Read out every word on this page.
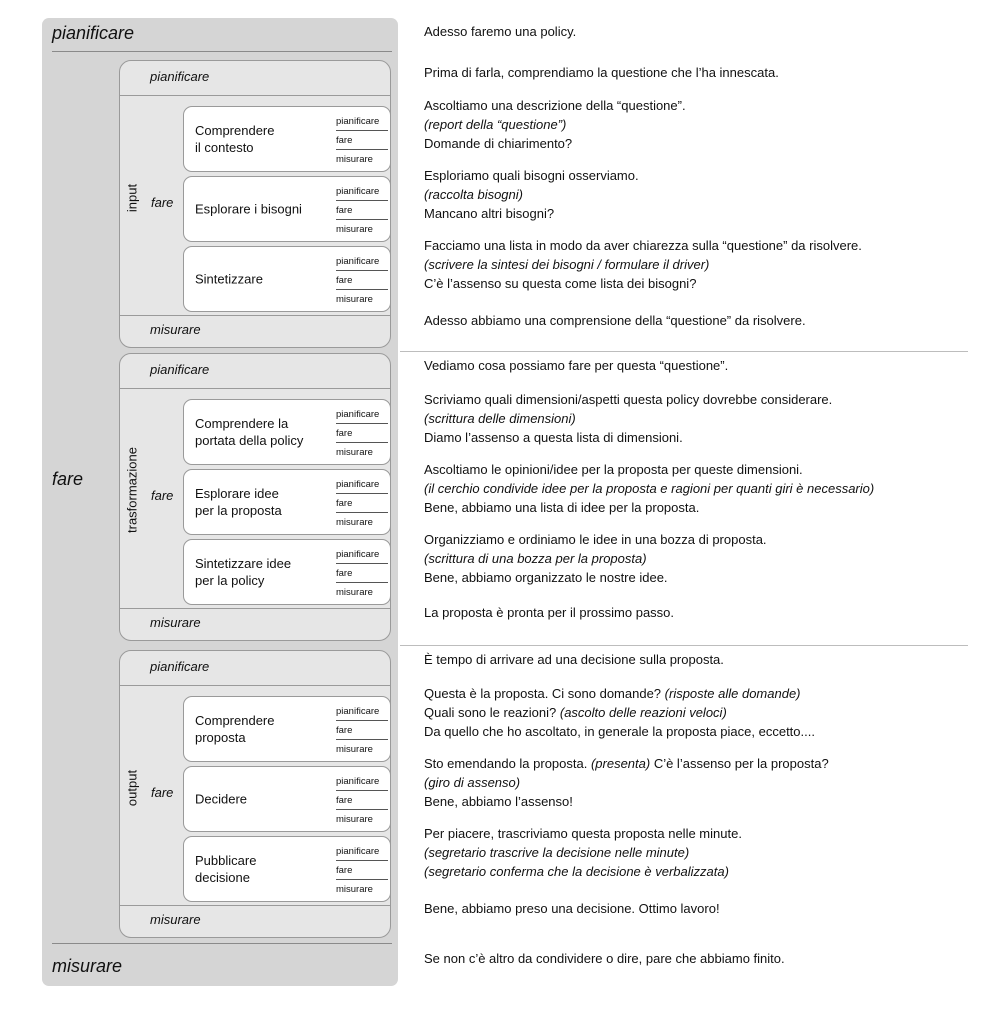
pianificare
fare
misurare
pianificare
input fare
misurare
Comprendere
il contesto
pianificare
fare
misurare
Esplorare i bisogni
pianificare
fare
misurare
Sintetizzare
pianificare
fare
misurare
pianificare
trasformazione fare
misurare
Comprendere la
portata della policy
pianificare
fare
misurare
Esplorare idee
per la proposta
pianificare
fare
misurare
Sintetizzare idee
per la policy
pianificare
fare
misurare
pianificare
output fare
misurare
Comprendere
proposta
pianificare
fare
misurare
Decidere
pianificare
fare
misurare
Pubblicare
decisione
pianificare
fare
misurare
Adesso faremo una policy.
Prima di farla, comprendiamo la questione che l’ha innescata.
Ascoltiamo una descrizione della “questione”.
(report della “questione”)
Domande di chiarimento?
Esploriamo quali bisogni osserviamo.
(raccolta bisogni)
Mancano altri bisogni?
Facciamo una lista in modo da aver chiarezza sulla “questione” da risolvere.
(scrivere la sintesi dei bisogni / formulare il driver)
C’è l’assenso su questa come lista dei bisogni?
Adesso abbiamo una comprensione della “questione” da risolvere.
Vediamo cosa possiamo fare per questa “questione”.
Scriviamo quali dimensioni/aspetti questa policy dovrebbe considerare.
(scrittura delle dimensioni)
Diamo l’assenso a questa lista di dimensioni.
Ascoltiamo le opinioni/idee per la proposta per queste dimensioni.
(il cerchio condivide idee per la proposta e ragioni per quanti giri è necessario)
Bene, abbiamo una lista di idee per la proposta.
Organizziamo e ordiniamo le idee in una bozza di proposta.
(scrittura di una bozza per la proposta)
Bene, abbiamo organizzato le nostre idee.
La proposta è pronta per il prossimo passo.
È tempo di arrivare ad una decisione sulla proposta.
Questa è la proposta. Ci sono domande? (risposte alle domande)
Quali sono le reazioni? (ascolto delle reazioni veloci)
Da quello che ho ascoltato, in generale la proposta piace, eccetto....
Sto emendando la proposta. (presenta) C’è l’assenso per la proposta?
(giro di assenso)
Bene, abbiamo l’assenso!
Per piacere, trascriviamo questa proposta nelle minute.
(segretario trascrive la decisione nelle minute)
(segretario conferma che la decisione è verbalizzata)
Bene, abbiamo preso una decisione. Ottimo lavoro!
Se non c’è altro da condividere o dire, pare che abbiamo finito.
